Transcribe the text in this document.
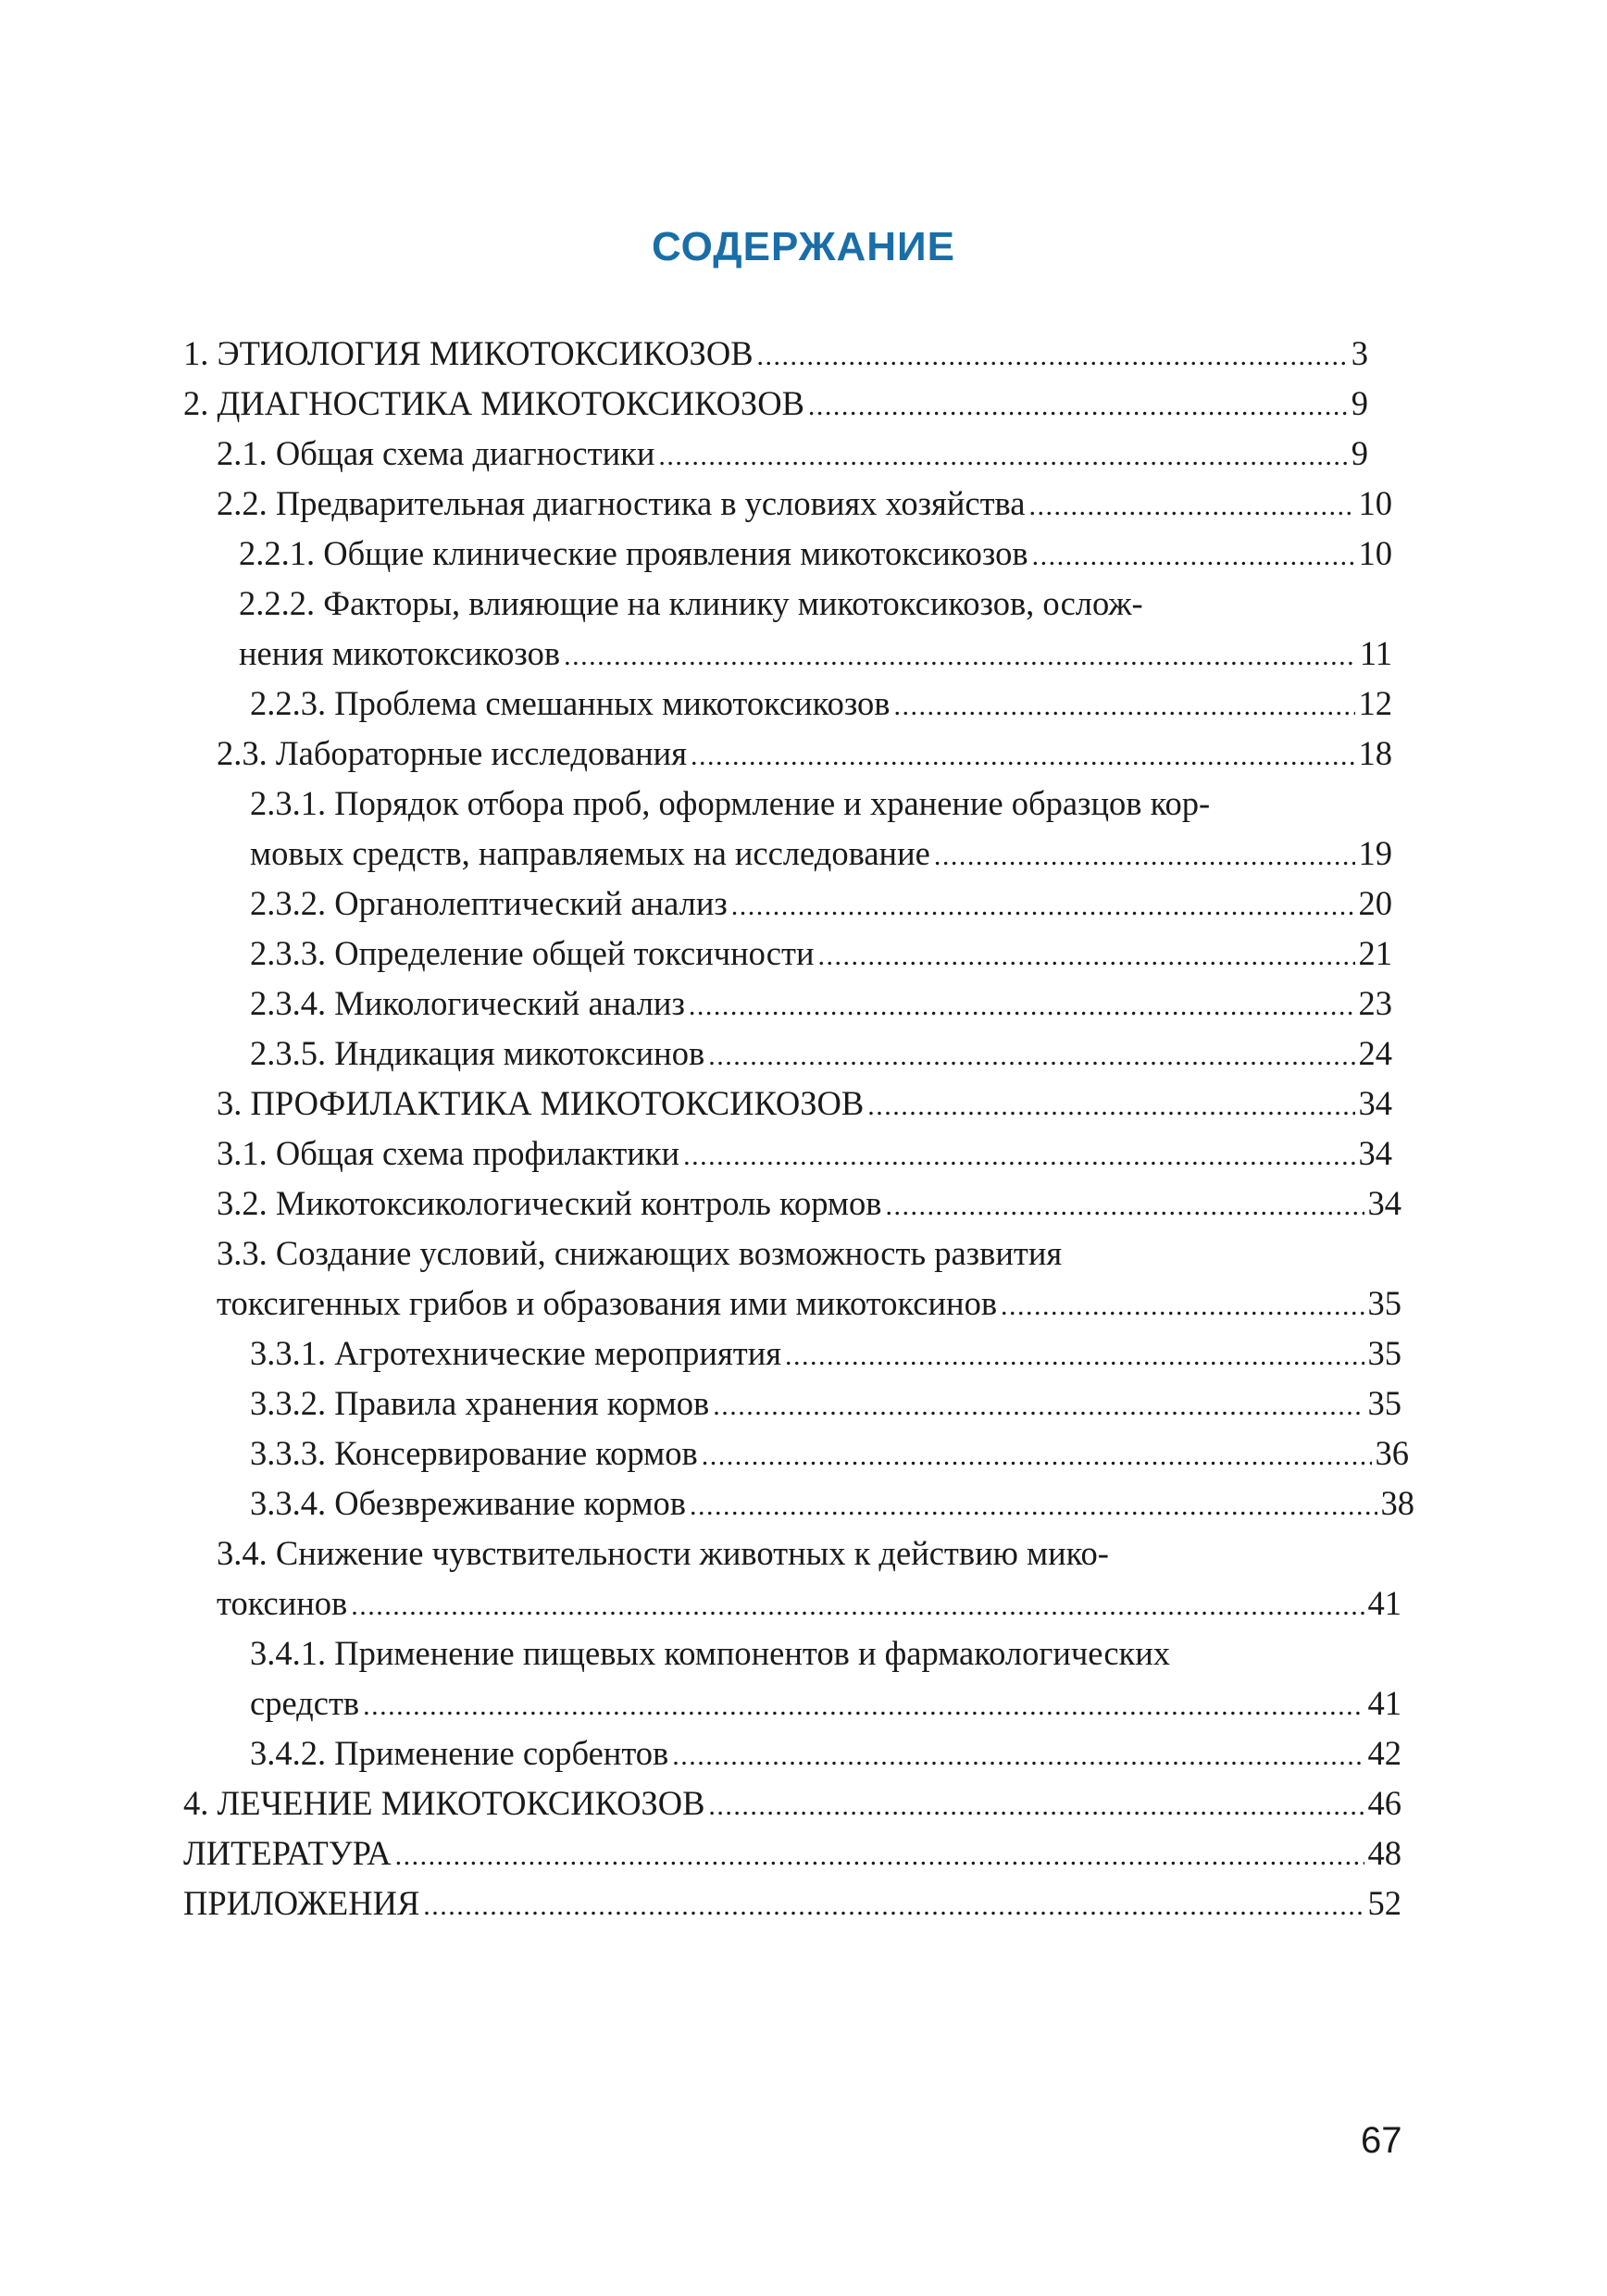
СОДЕРЖАНИЕ
1. ЭТИОЛОГИЯ МИКОТОКСИКОЗОВ . . .	3
2. ДИАГНОСТИКА МИКОТОКСИКОЗОВ . . .	9
2.1. Общая схема диагностики . . .	9
2.2. Предварительная диагностика в условиях хозяйства . . .	10
2.2.1. Общие клинические проявления микотоксикозов . . .	10
2.2.2. Факторы, влияющие на клинику микотоксикозов, ослож-
нения микотоксикозов . . .	11
2.2.3. Проблема смешанных микотоксикозов . . .	12
2.3. Лабораторные исследования . . .	18
2.3.1. Порядок отбора проб, оформление и хранение образцов кор-
мовых средств, направляемых на исследование . . .	19
2.3.2. Органолептический анализ . . .	20
2.3.3. Определение общей токсичности . . .	21
2.3.4. Микологический анализ . . .	23
2.3.5. Индикация микотоксинов . . .	24
3. ПРОФИЛАКТИКА МИКОТОКСИКОЗОВ . . .	34
3.1. Общая схема профилактики . . .	34
3.2. Микотоксикологический контроль кормов . . .	34
3.3. Создание условий, снижающих возможность развития
токсигенных грибов и образования ими микотоксинов . . .	35
3.3.1. Агротехнические мероприятия . . .	35
3.3.2. Правила хранения кормов . . .	35
3.3.3. Консервирование кормов . . .	36
3.3.4. Обезвреживание кормов . . .	38
3.4. Снижение чувствительности животных к действию мико-
токсинов . . .	41
3.4.1. Применение пищевых компонентов и фармакологических
средств . . .	41
3.4.2. Применение сорбентов . . .	42
4. ЛЕЧЕНИЕ МИКОТОКСИКОЗОВ . . .	46
ЛИТЕРАТУРА . . .	48
ПРИЛОЖЕНИЯ . . .	52
67
